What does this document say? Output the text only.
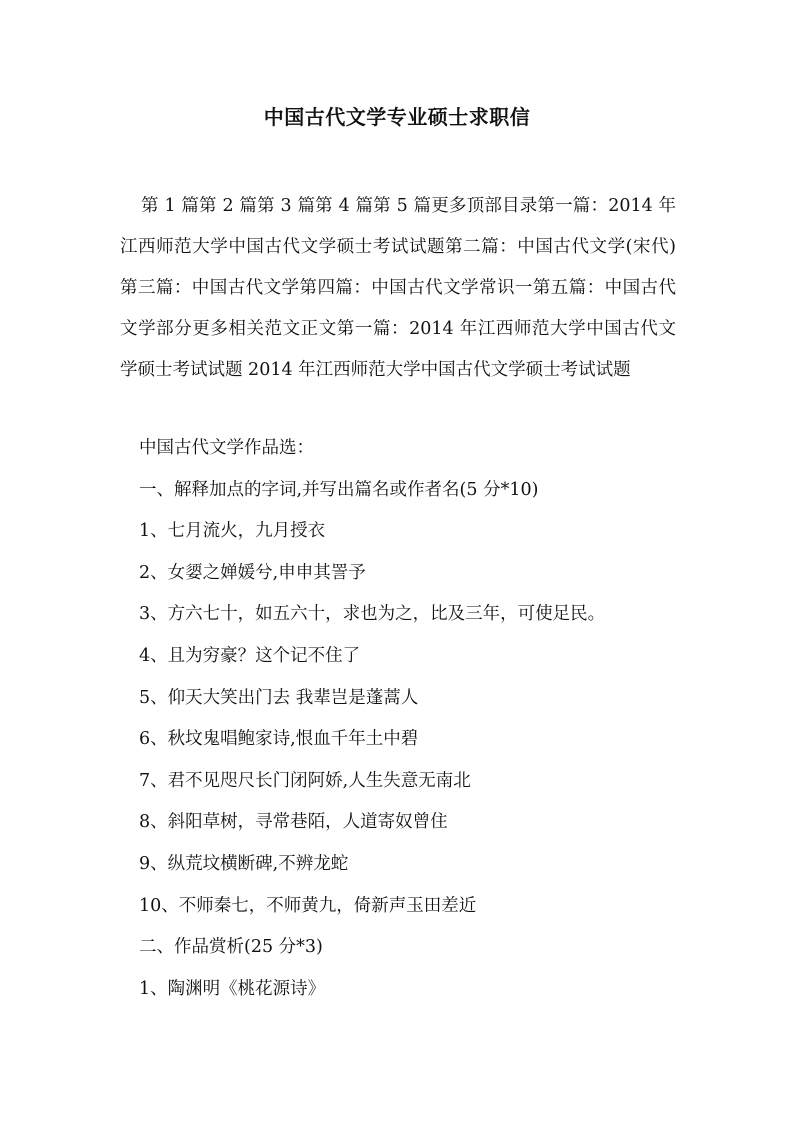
中国古代文学专业硕士求职信

第 1 篇第 2 篇第 3 篇第 4 篇第 5 篇更多顶部目录第一篇：2014 年江西师范大学中国古代文学硕士考试试题第二篇：中国古代文学(宋代)第三篇：中国古代文学第四篇：中国古代文学常识一第五篇：中国古代文学部分更多相关范文正文第一篇：2014 年江西师范大学中国古代文学硕士考试试题 2014 年江西师范大学中国古代文学硕士考试试题

中国古代文学作品选：
一、解释加点的字词,并写出篇名或作者名(5 分*10)
1、七月流火，九月授衣
2、女媭之婵媛兮,申申其詈予
3、方六七十，如五六十，求也为之，比及三年，可使足民。
4、且为穷豪？这个记不住了
5、仰天大笑出门去 我辈岂是蓬蒿人
6、秋坟鬼唱鲍家诗,恨血千年土中碧
7、君不见咫尺长门闭阿娇,人生失意无南北
8、斜阳草树，寻常巷陌，人道寄奴曾住
9、纵荒坟横断碑,不辨龙蛇
10、不师秦七，不师黄九，倚新声玉田差近
二、作品赏析(25 分*3)
1、陶渊明《桃花源诗》
